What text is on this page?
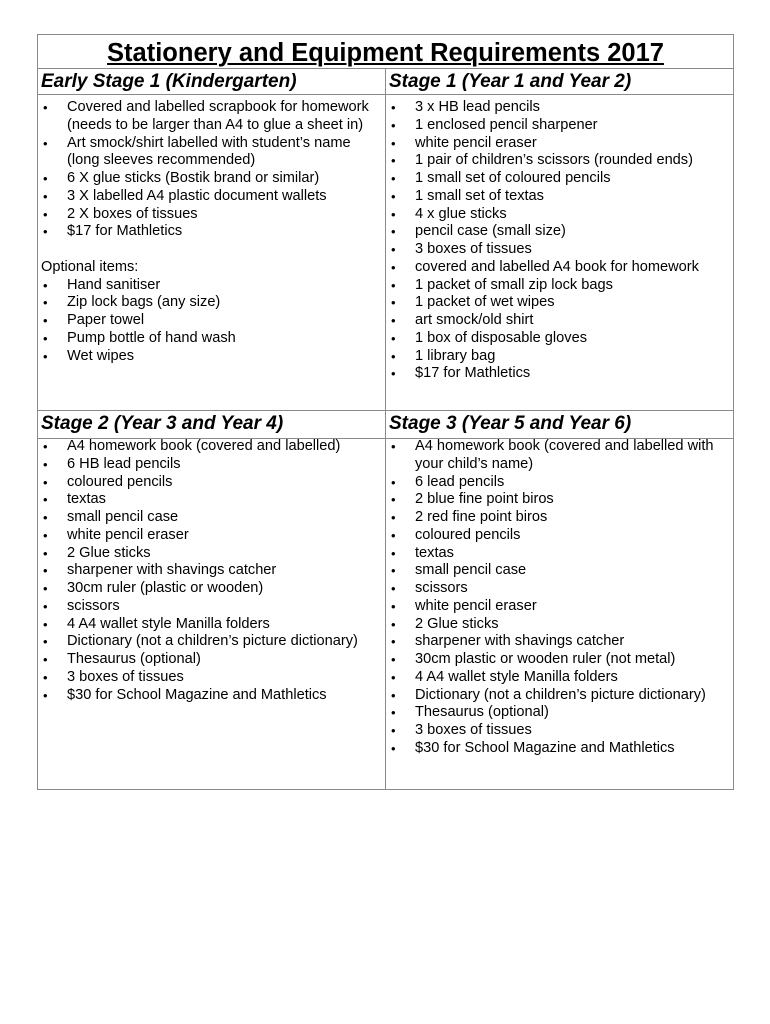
Stationery and Equipment Requirements 2017
Early Stage 1 (Kindergarten)
• Covered and labelled scrapbook for homework (needs to be larger than A4 to glue a sheet in)
• Art smock/shirt labelled with student’s name (long sleeves recommended)
• 6 X glue sticks (Bostik brand or similar)
• 3 X labelled A4 plastic document wallets
• 2 X boxes of tissues
• $17 for Mathletics
Optional items:
• Hand sanitiser
• Zip lock bags (any size)
• Paper towel
• Pump bottle of hand wash
• Wet wipes
Stage 1 (Year 1 and Year 2)
• 3 x HB lead pencils
• 1 enclosed pencil sharpener
• white pencil eraser
• 1 pair of children’s scissors (rounded ends)
• 1 small set of coloured pencils
• 1 small set of textas
• 4 x glue sticks
• pencil case (small size)
• 3 boxes of tissues
• covered and labelled A4 book for homework
• 1 packet of small zip lock bags
• 1 packet of wet wipes
• art smock/old shirt
• 1 box of disposable gloves
• 1 library bag
• $17 for Mathletics
Stage 2 (Year 3 and Year 4)
• A4 homework book (covered and labelled)
• 6 HB lead pencils
• coloured pencils
• textas
• small pencil case
• white pencil eraser
• 2 Glue sticks
• sharpener with shavings catcher
• 30cm ruler (plastic or wooden)
• scissors
• 4 A4 wallet style Manilla folders
• Dictionary (not a children’s picture dictionary)
• Thesaurus (optional)
• 3 boxes of tissues
• $30 for School Magazine and Mathletics
Stage 3 (Year 5 and Year 6)
• A4 homework book (covered and labelled with your child’s name)
• 6 lead pencils
• 2 blue fine point biros
• 2 red fine point biros
• coloured pencils
• textas
• small pencil case
• scissors
• white pencil eraser
• 2 Glue sticks
• sharpener with shavings catcher
• 30cm plastic or wooden ruler (not metal)
• 4 A4 wallet style Manilla folders
• Dictionary (not a children’s picture dictionary)
• Thesaurus (optional)
• 3 boxes of tissues
• $30 for School Magazine and Mathletics
